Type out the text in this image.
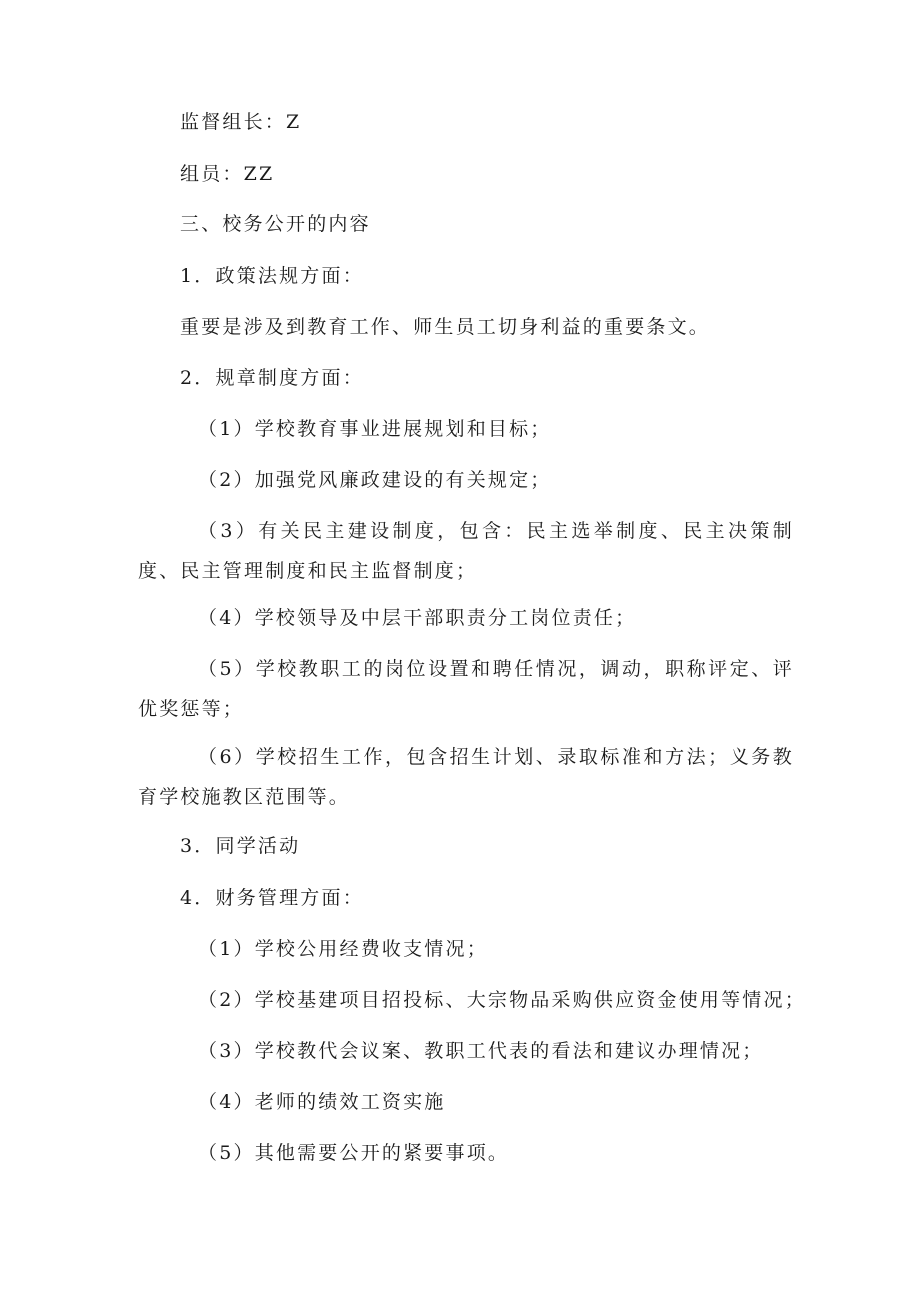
监督组长：Z
组员：ZZ
三、校务公开的内容
1．政策法规方面：
重要是涉及到教育工作、师生员工切身利益的重要条文。
2．规章制度方面：
（1）学校教育事业进展规划和目标；
（2）加强党风廉政建设的有关规定；
（3）有关民主建设制度，包含：民主选举制度、民主决策制度、民主管理制度和民主监督制度；
（4）学校领导及中层干部职责分工岗位责任；
（5）学校教职工的岗位设置和聘任情况，调动，职称评定、评优奖惩等；
（6）学校招生工作，包含招生计划、录取标准和方法；义务教育学校施教区范围等。
3．同学活动
4．财务管理方面：
（1）学校公用经费收支情况；
（2）学校基建项目招投标、大宗物品采购供应资金使用等情况；
（3）学校教代会议案、教职工代表的看法和建议办理情况；
（4）老师的绩效工资实施
（5）其他需要公开的紧要事项。
